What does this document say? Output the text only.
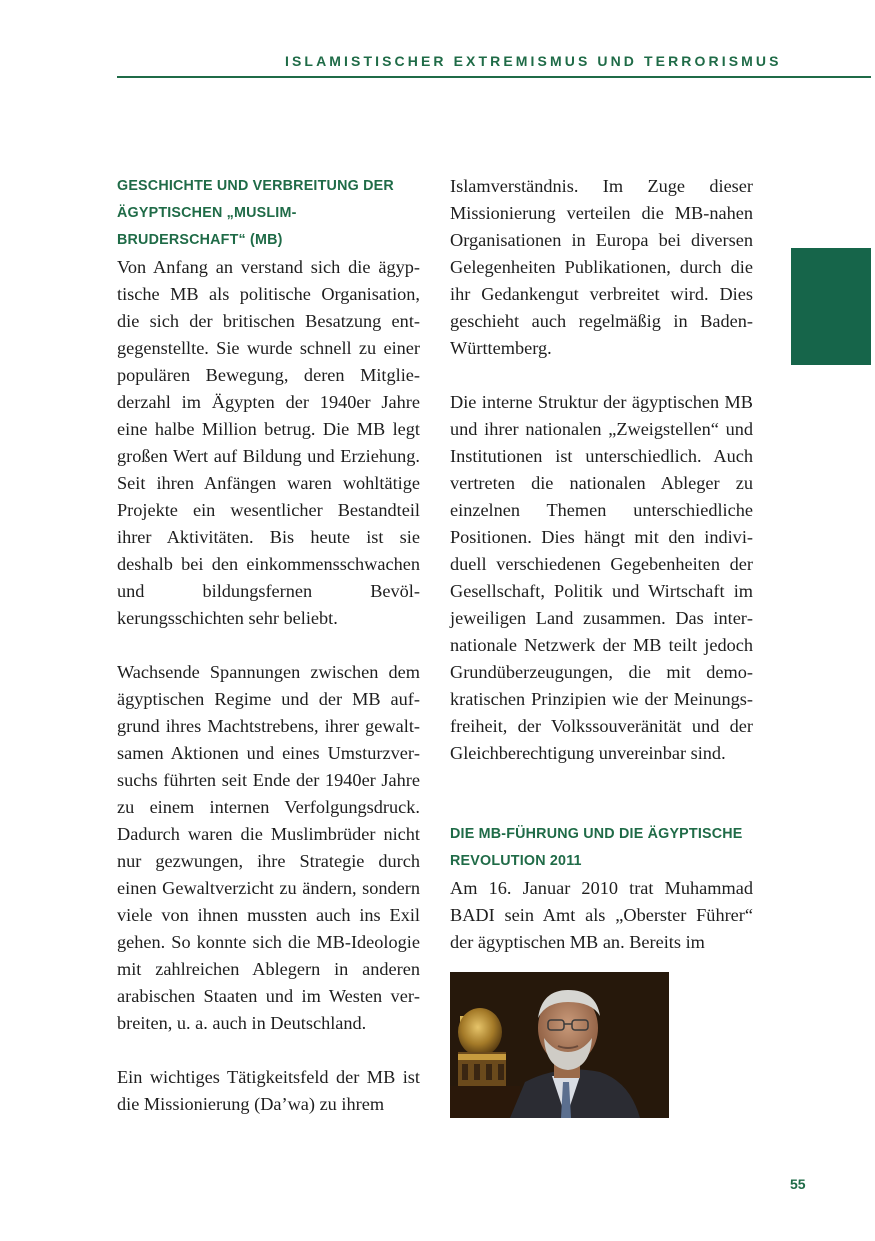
ISLAMISTISCHER EXTREMISMUS UND TERRORISMUS
GESCHICHTE UND VERBREITUNG DER ÄGYPTISCHEN „MUSLIM-BRUDERSCHAFT“ (MB)

Von Anfang an verstand sich die ägyptische MB als politische Organisation, die sich der britischen Besatzung entgegenstellte. Sie wurde schnell zu einer populären Bewegung, deren Mitgliederzahl im Ägypten der 1940er Jahre eine halbe Million betrug. Die MB legt großen Wert auf Bildung und Erziehung. Seit ihren Anfängen waren wohltätige Projekte ein wesentlicher Bestandteil ihrer Aktivitäten. Bis heute ist sie deshalb bei den einkommensschwachen und bildungsfernen Bevölkerungsschichten sehr beliebt.

Wachsende Spannungen zwischen dem ägyptischen Regime und der MB aufgrund ihres Machtstrebens, ihrer gewaltsamen Aktionen und eines Umsturzversuchs führten seit Ende der 1940er Jahre zu einem internen Verfolgungsdruck. Dadurch waren die Muslimbrüder nicht nur gezwungen, ihre Strategie durch einen Gewaltverzicht zu ändern, sondern viele von ihnen mussten auch ins Exil gehen. So konnte sich die MB-Ideologie mit zahlreichen Ablegern in anderen arabischen Staaten und im Westen verbreiten, u. a. auch in Deutschland.

Ein wichtiges Tätigkeitsfeld der MB ist die Missionierung (Da’wa) zu ihrem

Islamverständnis. Im Zuge dieser Missionierung verteilen die MB-nahen Organisationen in Europa bei diversen Gelegenheiten Publikationen, durch die ihr Gedankengut verbreitet wird. Dies geschieht auch regelmäßig in Baden-Württemberg.

Die interne Struktur der ägyptischen MB und ihrer nationalen „Zweigstellen“ und Institutionen ist unterschiedlich. Auch vertreten die nationalen Ableger zu einzelnen Themen unterschiedliche Positionen. Dies hängt mit den individuell verschiedenen Gegebenheiten der Gesellschaft, Politik und Wirtschaft im jeweiligen Land zusammen. Das internationale Netzwerk der MB teilt jedoch Grundüberzeugungen, die mit demokratischen Prinzipien wie der Meinungsfreiheit, der Volkssouveränität und der Gleichberechtigung unvereinbar sind.

DIE MB-FÜHRUNG UND DIE ÄGYPTISCHE REVOLUTION 2011

Am 16. Januar 2010 trat Muhammad BADI sein Amt als „Oberster Führer“ der ägyptischen MB an. Bereits im

55
